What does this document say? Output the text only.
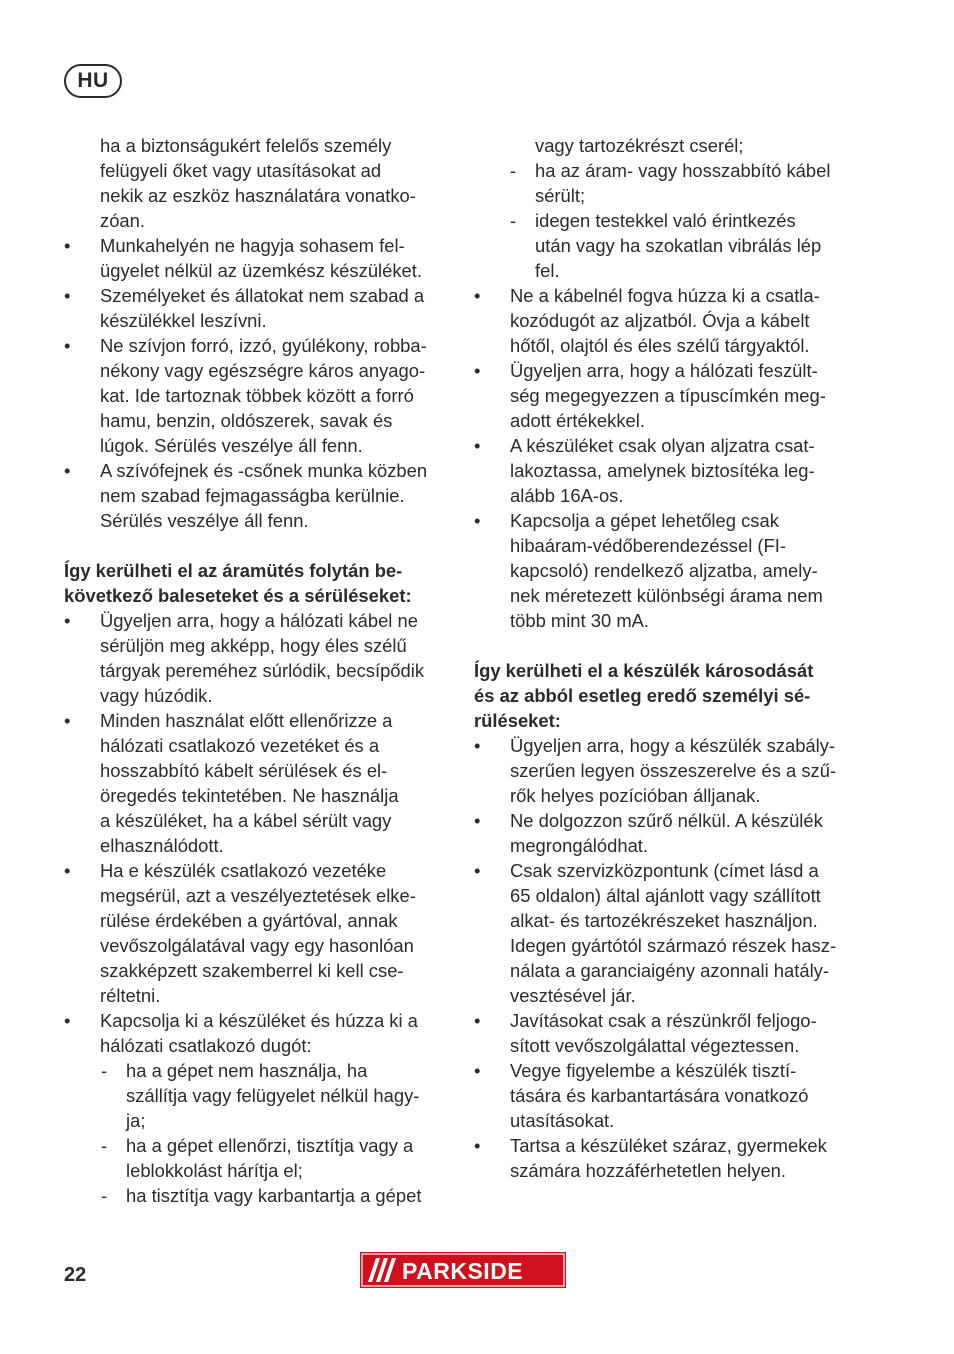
HU
ha a biztonságukért felelős személy
felügyeli őket vagy utasításokat ad
nekik az eszköz használatára vonatko-
zóan.
• Munkahelyén ne hagyja sohasem fel-
ügyelet nélkül az üzemkész készüléket.
• Személyeket és állatokat nem szabad a
készülékkel leszívni.
• Ne szívjon forró, izzó, gyúlékony, robba-
nékony vagy egészségre káros anyago-
kat. Ide tartoznak többek között a forró
hamu, benzin, oldószerek, savak és
lúgok. Sérülés veszélye áll fenn.
• A szívófejnek és -csőnek munka közben
nem szabad fejmagasságba kerülnie.
Sérülés veszélye áll fenn.
Így kerülheti el az áramütés folytán be-
következő baleseteket és a sérüléseket:
• Ügyeljen arra, hogy a hálózati kábel ne
sérüljön meg akképp, hogy éles szélű
tárgyak pereméhez súrlódik, becsípődik
vagy húzódik.
• Minden használat előtt ellenőrizze a
hálózati csatlakozó vezetéket és a
hosszabbító kábelt sérülések és el-
öregedés tekintetében. Ne használja
a készüléket, ha a kábel sérült vagy
elhasználódott.
• Ha e készülék csatlakozó vezetéke
megsérül, azt a veszélyeztetések elke-
rülése érdekében a gyártóval, annak
vevőszolgálatával vagy egy hasonlóan
szakképzett szakemberrel ki kell cse-
réltetni.
• Kapcsolja ki a készüléket és húzza ki a
hálózati csatlakozó dugót:
- ha a gépet nem használja, ha
szállítja vagy felügyelet nélkül hagy-
ja;
- ha a gépet ellenőrzi, tisztítja vagy a
leblokkolást hárítja el;
- ha tisztítja vagy karbantartja a gépet
vagy tartozékrészt cserél;
- ha az áram- vagy hosszabbító kábel
sérült;
- idegen testekkel való érintkezés
után vagy ha szokatlan vibrálás lép
fel.
• Ne a kábelnél fogva húzza ki a csatla-
kozódugót az aljzatból. Óvja a kábelt
hőtől, olajtól és éles szélű tárgyaktól.
• Ügyeljen arra, hogy a hálózati feszült-
ség megegyezzen a típuscímkén meg-
adott értékekkel.
• A készüléket csak olyan aljzatra csat-
lakoztassa, amelynek biztosítéka leg-
alább 16A-os.
• Kapcsolja a gépet lehetőleg csak
hibaáram-védőberendezéssel (FI-
kapcsoló) rendelkező aljzatba, amely-
nek méretezett különbségi árama nem
több mint 30 mA.
Így kerülheti el a készülék károsodását
és az abból esetleg eredő személyi sé-
rüléseket:
• Ügyeljen arra, hogy a készülék szabály-
szerűen legyen összeszerelve és a szű-
rők helyes pozícióban álljanak.
• Ne dolgozzon szűrő nélkül. A készülék
megrongálódhat.
• Csak szervizközpontunk (címet lásd a
65 oldalon) által ajánlott vagy szállított
alkat- és tartozékrészeket használjon.
Idegen gyártótól származó részek hasz-
nálata a garanciaigény azonnali hatály-
vesztésével jár.
• Javításokat csak a részünkről feljogo-
sított vevőszolgálattal végeztessen.
• Vegye figyelembe a készülék tisztí-
tására és karbantartására vonatkozó
utasításokat.
• Tartsa a készüléket száraz, gyermekek
számára hozzáférhetetlen helyen.
22	PARKSIDE
